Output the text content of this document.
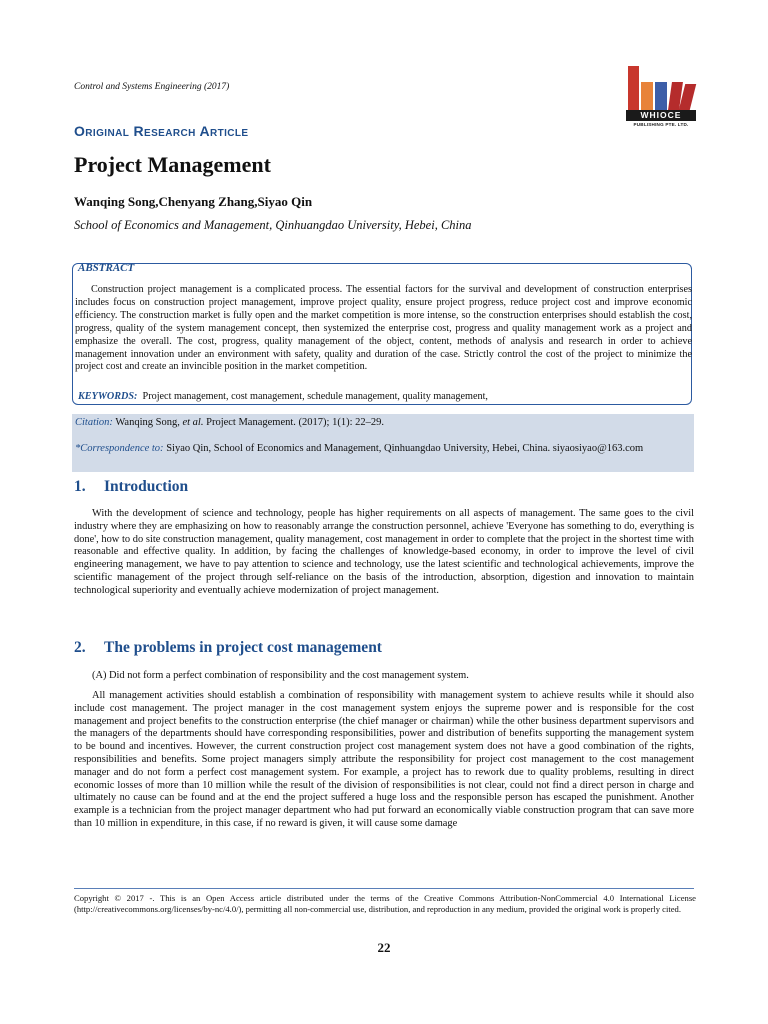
Control and Systems Engineering (2017)
WHIOCE
PUBLISHING PTE. LTD.
Original Research Article
Project Management
Wanqing Song,Chenyang Zhang,Siyao Qin
School of Economics and Management, Qinhuangdao University, Hebei, China
ABSTRACT

Construction project management is a complicated process. The essential factors for the survival and development of construction enterprises includes focus on construction project management, improve project quality, ensure project progress, reduce project cost and improve economic efficiency. The construction market is fully open and the market competition is more intense, so the construction enterprises should establish the cost, progress, quality of the system management concept, then systemized the enterprise cost, progress and quality management work as a project and emphasize the overall. The cost, progress, quality management of the object, content, methods of analysis and research in order to achieve management innovation under an environment with safety, quality and duration of the case. Strictly control the cost of the project to minimize the project cost and create an invincible position in the market competition.

KEYWORDS: Project management, cost management, schedule management, quality management,
Citation: Wanqing Song, et al. Project Management. (2017); 1(1): 22–29.
*Correspondence to: Siyao Qin, School of Economics and Management, Qinhuangdao University, Hebei, China. siyaosiyao@163.com
1. Introduction

With the development of science and technology, people has higher requirements on all aspects of management. The same goes to the civil industry where they are emphasizing on how to reasonably arrange the construction personnel, achieve 'Everyone has something to do, everything is done', how to do site construction management, quality management, cost management in order to complete that the project in the shortest time with reasonable and effective quality. In addition, by facing the challenges of knowledge-based economy, in order to improve the level of civil engineering management, we have to pay attention to science and technology, use the latest scientific and technological achievements, improve the scientific management of the project through self-reliance on the basis of the introduction, absorption, digestion and innovation to maintain technological superiority and eventually achieve modernization of project management.

2. The problems in project cost management

(A) Did not form a perfect combination of responsibility and the cost management system.

All management activities should establish a combination of responsibility with management system to achieve results while it should also include cost management. The project manager in the cost management system enjoys the supreme power and is responsible for the cost management and project benefits to the construction enterprise (the chief manager or chairman) while the other business department supervisors and the managers of the departments should have corresponding responsibilities, power and distribution of benefits supporting the management system to be bound and incentives. However, the current construction project cost management system does not have a good combination of the rights, responsibilities and benefits. Some project managers simply attribute the responsibility for project cost management to the cost management manager and do not form a perfect cost management system. For example, a project has to rework due to quality problems, resulting in direct economic losses of more than 10 million while the result of the division of responsibilities is not clear, could not find a direct person in charge and ultimately no cause can be found and at the end the project suffered a huge loss and the responsible person has escaped the punishment. Another example is a technician from the project manager department who had put forward an economically viable construction program that can save more than 10 million in expenditure, in this case, if no reward is given, it will cause some damage

Copyright © 2017 -. This is an Open Access article distributed under the terms of the Creative Commons Attribution-NonCommercial 4.0 International License (http://creativecommons.org/licenses/by-nc/4.0/), permitting all non-commercial use, distribution, and reproduction in any medium, provided the original work is properly cited.
22
